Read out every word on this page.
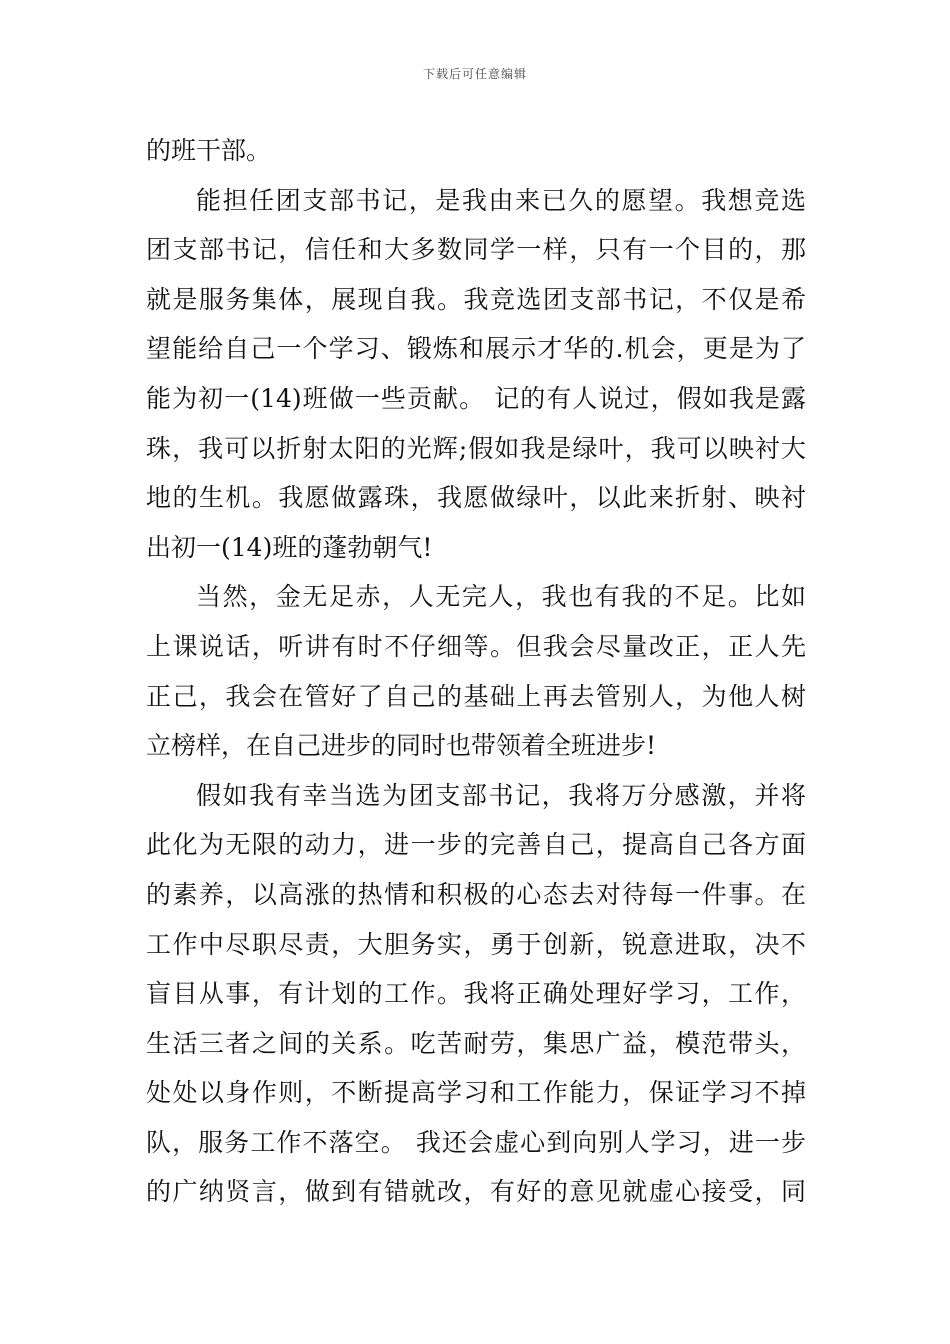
下载后可任意编辑
的班干部。
能担任团支部书记，是我由来已久的愿望。我想竞选
团支部书记，信任和大多数同学一样，只有一个目的，那
就是服务集体，展现自我。我竞选团支部书记，不仅是希
望能给自己一个学习、锻炼和展示才华的.机会，更是为了
能为初一(14)班做一些贡献。 记的有人说过，假如我是露
珠，我可以折射太阳的光辉;假如我是绿叶，我可以映衬大
地的生机。我愿做露珠，我愿做绿叶，以此来折射、映衬
出初一(14)班的蓬勃朝气!
当然，金无足赤，人无完人，我也有我的不足。比如
上课说话，听讲有时不仔细等。但我会尽量改正，正人先
正己，我会在管好了自己的基础上再去管别人，为他人树
立榜样，在自己进步的同时也带领着全班进步!
假如我有幸当选为团支部书记，我将万分感激，并将
此化为无限的动力，进一步的完善自己，提高自己各方面
的素养，以高涨的热情和积极的心态去对待每一件事。在
工作中尽职尽责，大胆务实，勇于创新，锐意进取，决不
盲目从事，有计划的工作。我将正确处理好学习，工作，
生活三者之间的关系。吃苦耐劳，集思广益，模范带头，
处处以身作则，不断提高学习和工作能力，保证学习不掉
队，服务工作不落空。 我还会虚心到向别人学习，进一步
的广纳贤言，做到有错就改，有好的意见就虚心接受，同
